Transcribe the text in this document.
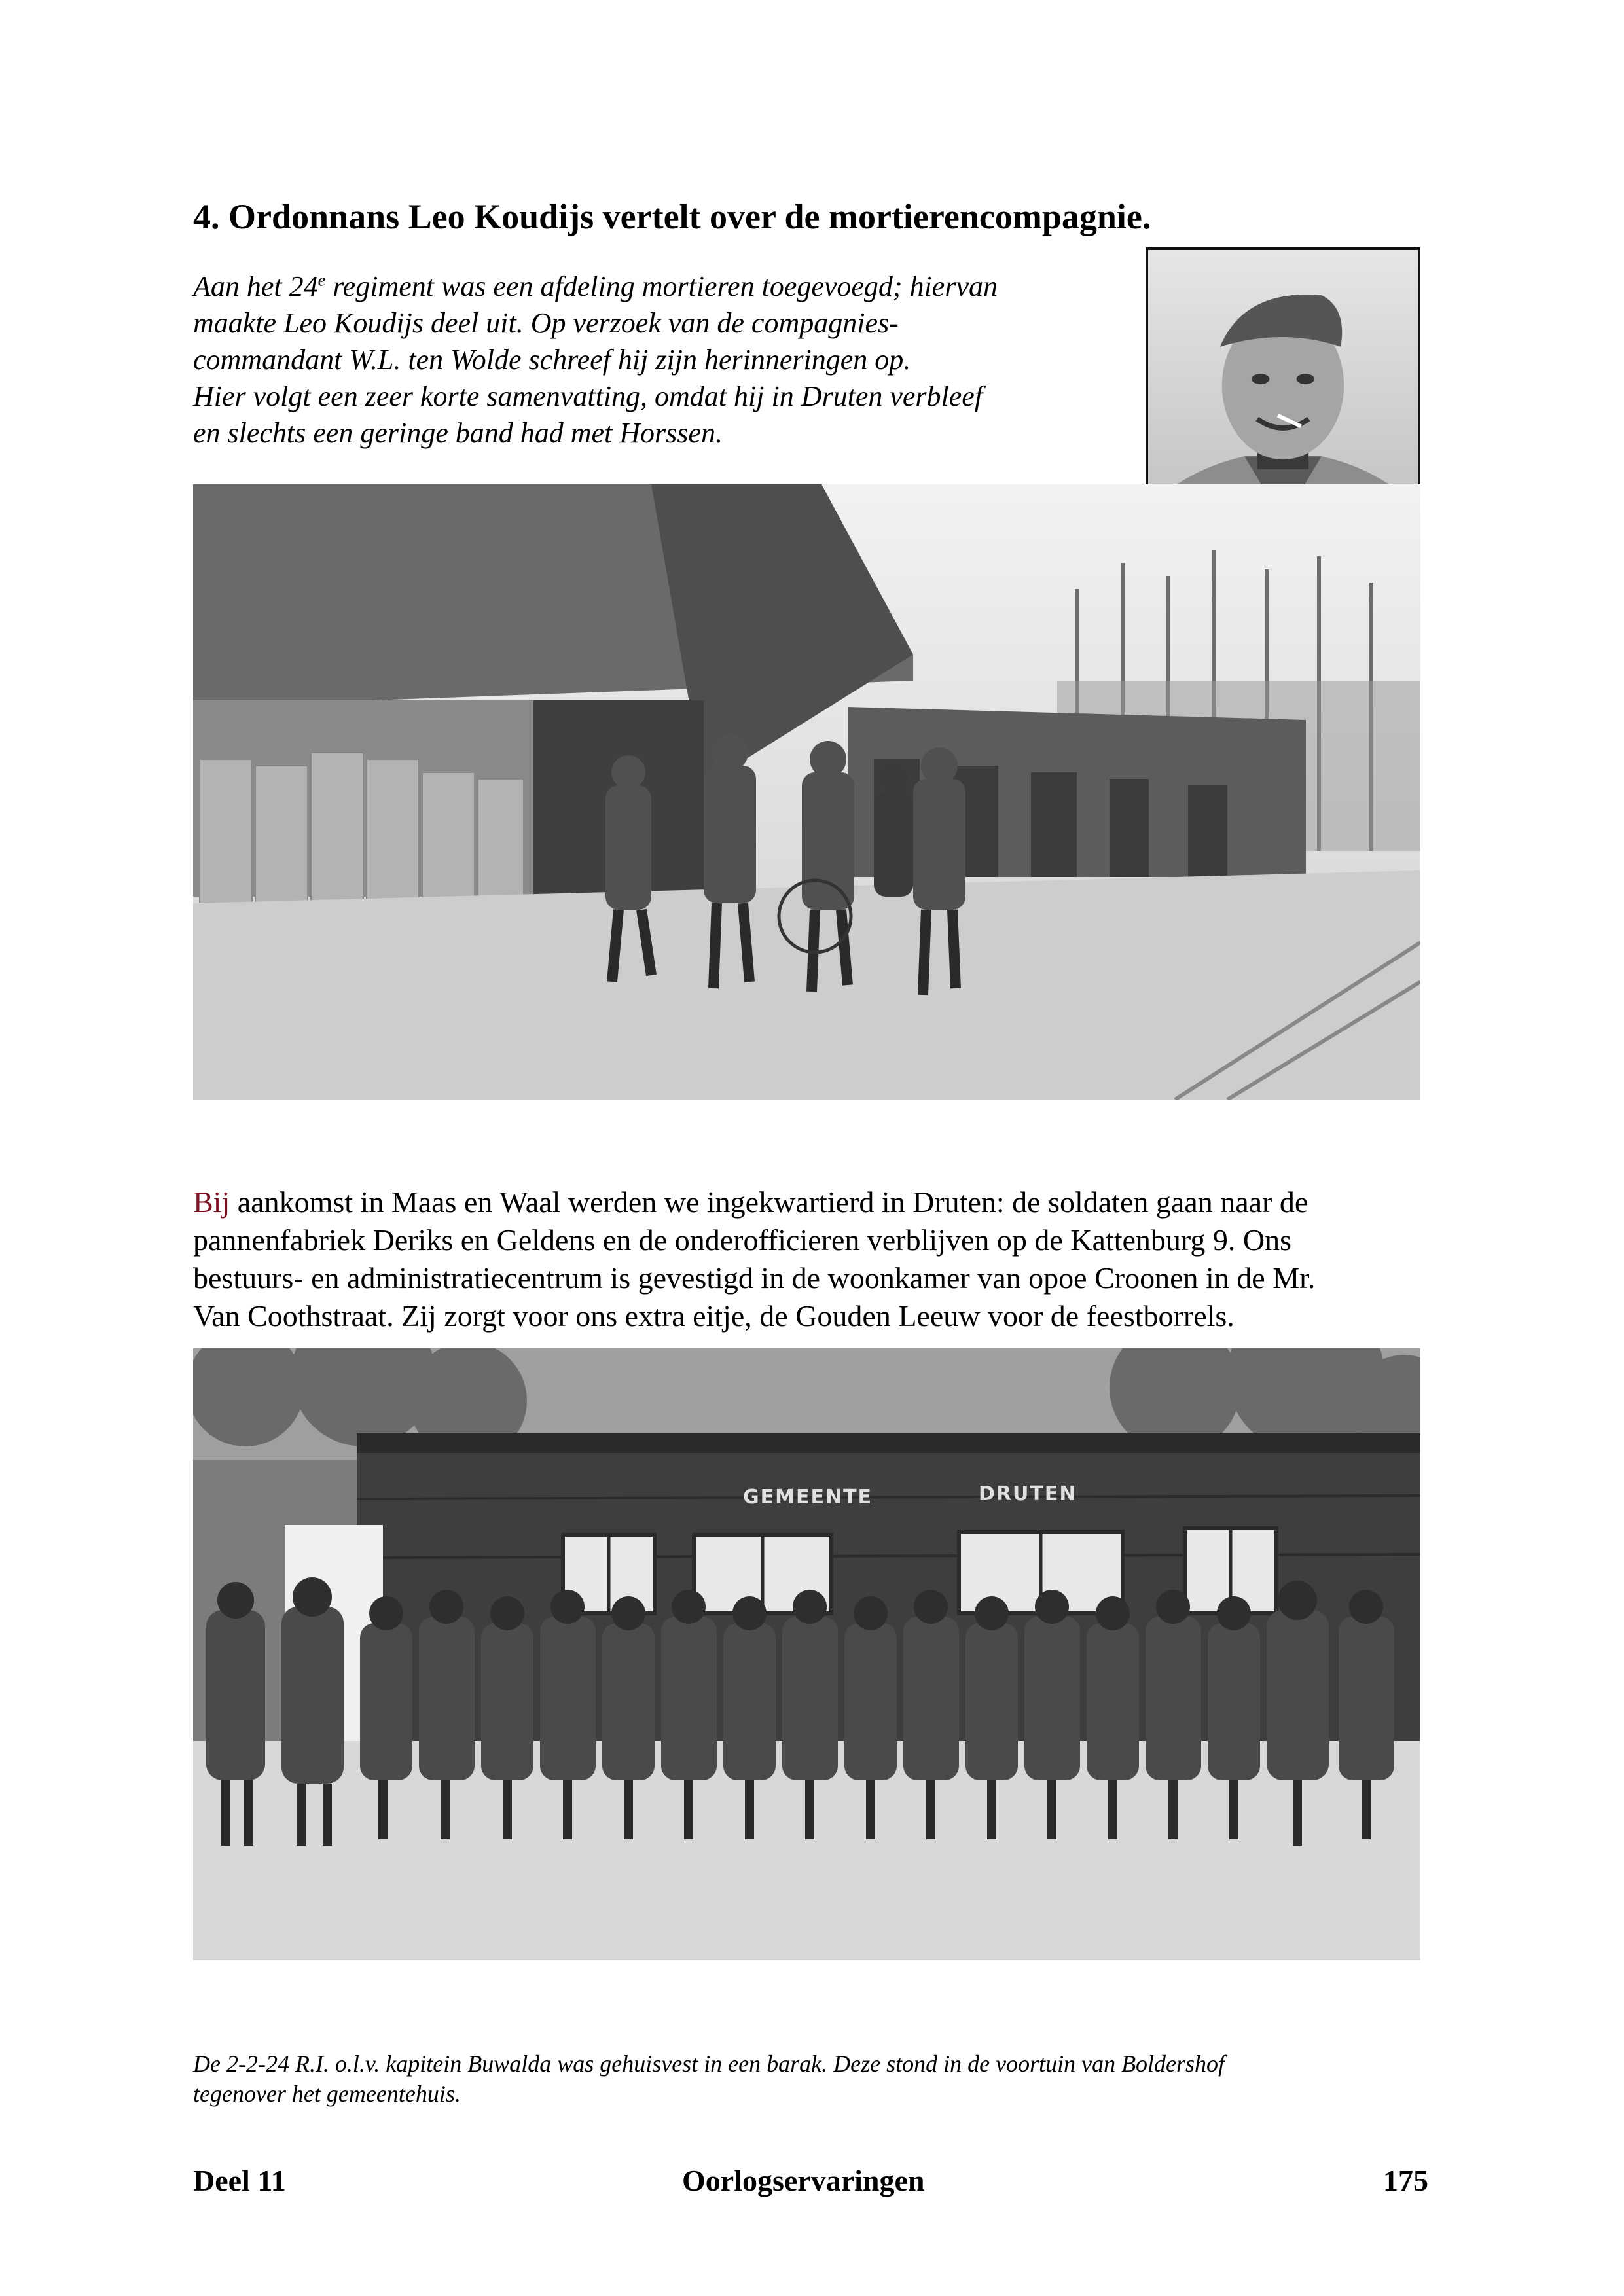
4. Ordonnans Leo Koudijs vertelt over de mortierencompagnie.

Aan het 24e regiment was een afdeling mortieren toegevoegd; hiervan

maakte Leo Koudijs deel uit. Op verzoek van de compagnies-

commandant W.L. ten Wolde schreef hij zijn herinneringen op.

Hier volgt een zeer korte samenvatting, omdat hij in Druten verbleef

en slechts een geringe band had met Horssen.

Bij aankomst in Maas en Waal werden we ingekwartierd in Druten: de soldaten gaan naar de

pannenfabriek Deriks en Geldens en de onderofficieren verblijven op de Kattenburg 9. Ons

bestuurs- en administratiecentrum is gevestigd in de woonkamer van opoe Croonen in de Mr.

Van Coothstraat. Zij zorgt voor ons extra eitje, de Gouden Leeuw voor de feestborrels.

GEMEENTE	DRUTEN

De 2-2-24 R.I. o.l.v. kapitein Buwalda was gehuisvest in een barak. Deze stond in de voortuin van Boldershof

tegenover het gemeentehuis.

Deel 11	Oorlogservaringen	175
